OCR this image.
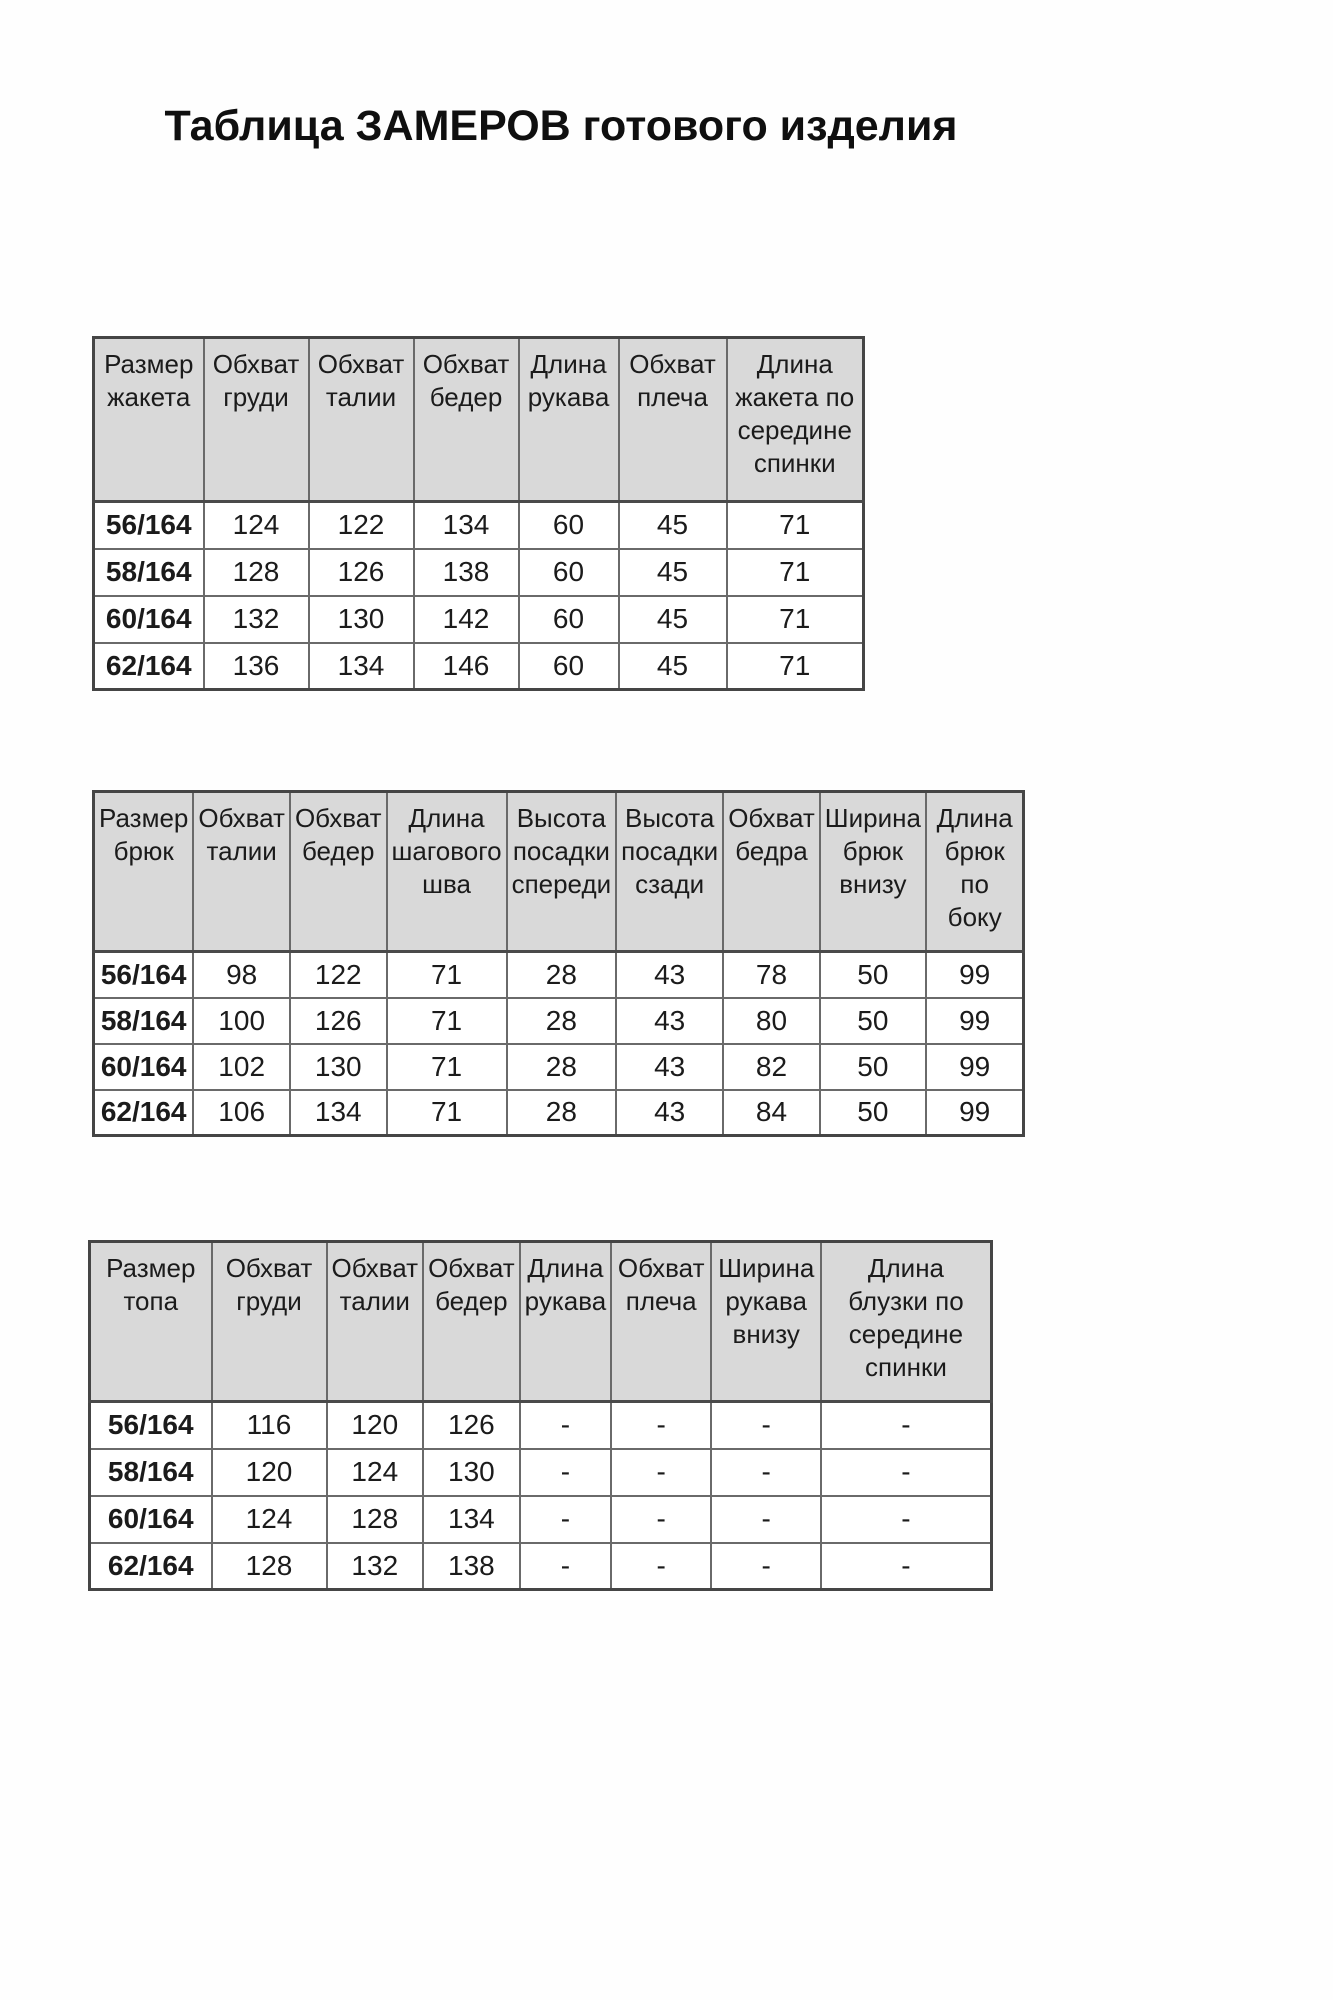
Таблица ЗАМЕРОВ готового изделия
Размер жакета	Обхват груди	Обхват талии	Обхват бедер	Длина рукава	Обхват плеча	Длина жакета по середине спинки
56/164	124	122	134	60	45	71
58/164	128	126	138	60	45	71
60/164	132	130	142	60	45	71
62/164	136	134	146	60	45	71
Размер брюк	Обхват талии	Обхват бедер	Длина шагового шва	Высота посадки спереди	Высота посадки сзади	Обхват бедра	Ширина брюк внизу	Длина брюк по боку
56/164	98	122	71	28	43	78	50	99
58/164	100	126	71	28	43	80	50	99
60/164	102	130	71	28	43	82	50	99
62/164	106	134	71	28	43	84	50	99
Размер топа	Обхват груди	Обхват талии	Обхват бедер	Длина рукава	Обхват плеча	Ширина рукава внизу	Длина блузки по середине спинки
56/164	116	120	126	-	-	-	-
58/164	120	124	130	-	-	-	-
60/164	124	128	134	-	-	-	-
62/164	128	132	138	-	-	-	-
